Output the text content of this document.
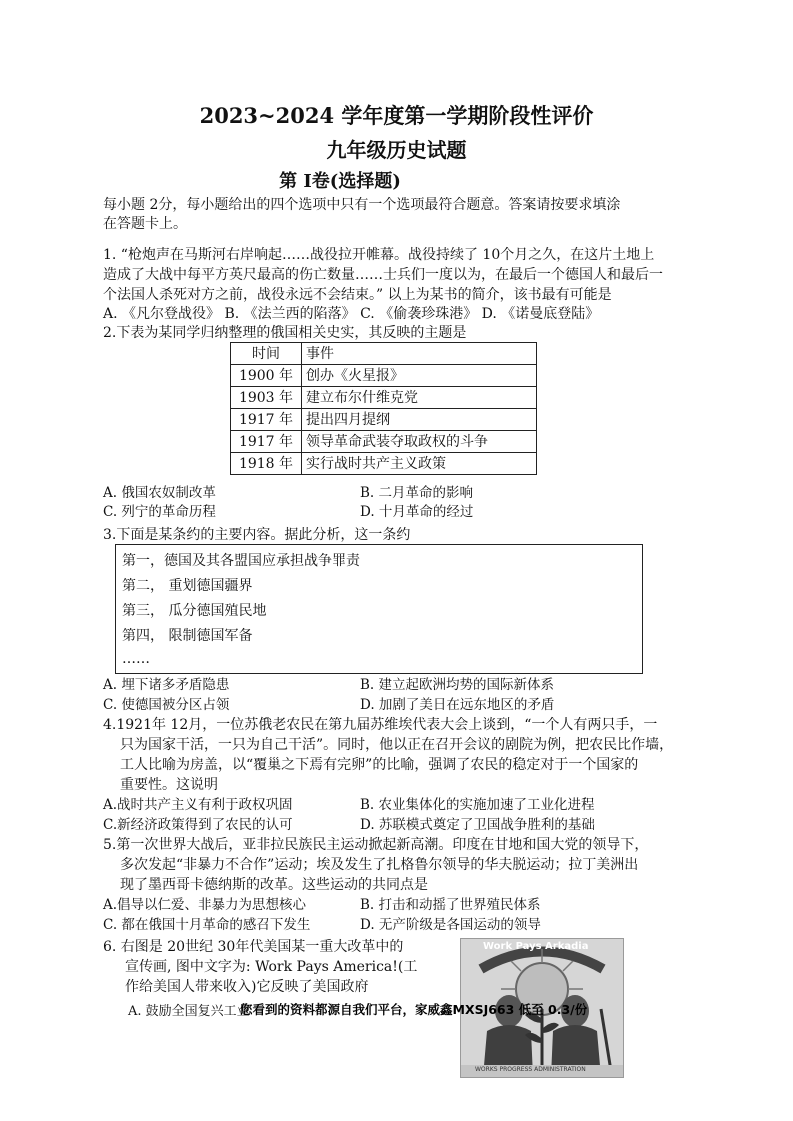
2023~2024 学年度第一学期阶段性评价
九年级历史试题
第 Ⅰ卷(选择题)
每小题 2分，每小题给出的四个选项中只有一个选项最符合题意。答案请按要求填涂
在答题卡上。
1. “枪炮声在马斯河右岸响起……战役拉开帷幕。战役持续了 10个月之久，在这片土地上
造成了大战中每平方英尺最高的伤亡数量……士兵们一度以为，在最后一个德国人和最后一
个法国人杀死对方之前，战役永远不会结束。” 以上为某书的简介，该书最有可能是
A. 《凡尔登战役》 B. 《法兰西的陷落》 C. 《偷袭珍珠港》 D. 《诺曼底登陆》
2.下表为某同学归纳整理的俄国相关史实，其反映的主题是
时间	事件
1900 年	创办《火星报》
1903 年	建立布尔什维克党
1917 年	提出四月提纲
1917 年	领导革命武装夺取政权的斗争
1918 年	实行战时共产主义政策
A. 俄国农奴制改革	B. 二月革命的影响
C. 列宁的革命历程	D. 十月革命的经过
3.下面是某条约的主要内容。据此分析，这一条约
第一，德国及其各盟国应承担战争罪责
第二， 重划德国疆界
第三， 瓜分德国殖民地
第四， 限制德国军备
……
A. 埋下诸多矛盾隐患	B. 建立起欧洲均势的国际新体系
C. 使德国被分区占领	D. 加剧了美日在远东地区的矛盾
4.1921年 12月，一位苏俄老农民在第九届苏维埃代表大会上谈到，“一个人有两只手，一
只为国家干活，一只为自己干活”。同时，他以正在召开会议的剧院为例，把农民比作墙，
工人比喻为房盖，以“覆巢之下焉有完卵”的比喻，强调了农民的稳定对于一个国家的
重要性。这说明
A.战时共产主义有利于政权巩固	B. 农业集体化的实施加速了工业化进程
C.新经济政策得到了农民的认可	D. 苏联模式奠定了卫国战争胜利的基础
5.第一次世界大战后，亚非拉民族民主运动掀起新高潮。印度在甘地和国大党的领导下，
多次发起“非暴力不合作”运动；埃及发生了扎格鲁尔领导的华夫脱运动；拉丁美洲出
现了墨西哥卡德纳斯的改革。这些运动的共同点是
A.倡导以仁爱、非暴力为思想核心	B. 打击和动摇了世界殖民体系
C. 都在俄国十月革命的感召下发生	D. 无产阶级是各国运动的领导
6. 右图是 20世纪 30年代美国某一重大改革中的
宣传画, 图中文字为: Work Pays America!(工
作给美国人带来收入)它反映了美国政府
Work Pays Arkadia
WORKS PROGRESS ADMINISTRATION
A. 鼓励全国复兴工业
您看到的资料都源自我们平台，家威鑫MXSJ663 低至 0.3/份
